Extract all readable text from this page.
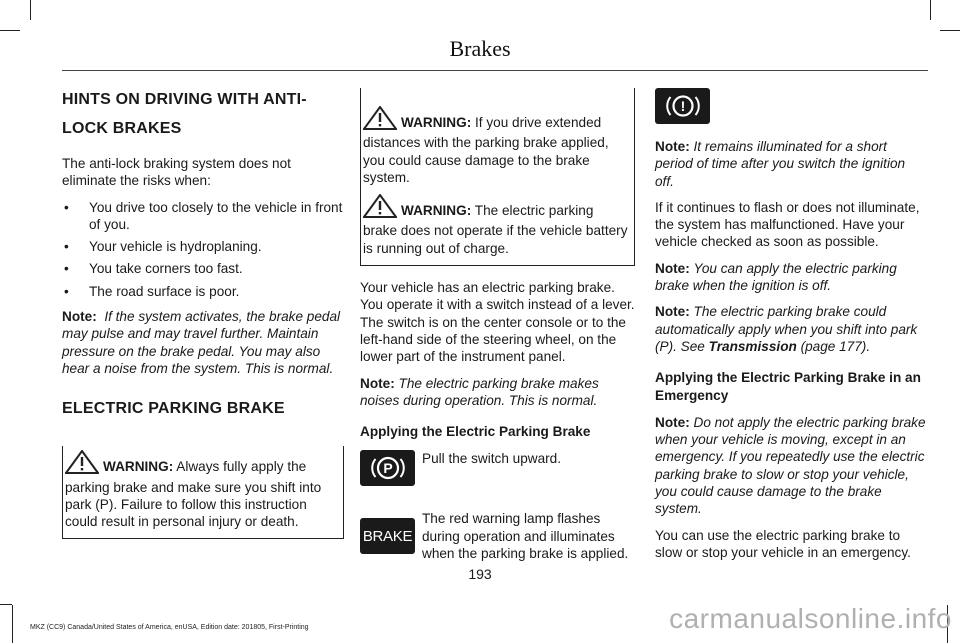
Brakes

HINTS ON DRIVING WITH ANTI-

LOCK BRAKES

The anti-lock braking system does not eliminate the risks when:

• You drive too closely to the vehicle in front of you.
• Your vehicle is hydroplaning.
• You take corners too fast.
• The road surface is poor.

Note: If the system activates, the brake pedal may pulse and may travel further. Maintain pressure on the brake pedal. You may also hear a noise from the system. This is normal.

ELECTRIC PARKING BRAKE

WARNING: Always fully apply the parking brake and make sure you shift into park (P). Failure to follow this instruction could result in personal injury or death.

WARNING: If you drive extended distances with the parking brake applied, you could cause damage to the brake system.

WARNING: The electric parking brake does not operate if the vehicle battery is running out of charge.

Your vehicle has an electric parking brake. You operate it with a switch instead of a lever. The switch is on the center console or to the left-hand side of the steering wheel, on the lower part of the instrument panel.

Note: The electric parking brake makes noises during operation. This is normal.

Applying the Electric Parking Brake

P
Pull the switch upward.
BRAKE
The red warning lamp flashes during operation and illuminates when the parking brake is applied.
!

Note: It remains illuminated for a short period of time after you switch the ignition off.

If it continues to flash or does not illuminate, the system has malfunctioned. Have your vehicle checked as soon as possible.

Note: You can apply the electric parking brake when the ignition is off.

Note: The electric parking brake could automatically apply when you shift into park (P). See Transmission (page 177).

Applying the Electric Parking Brake in an Emergency

Note: Do not apply the electric parking brake when your vehicle is moving, except in an emergency. If you repeatedly use the electric parking brake to slow or stop your vehicle, you could cause damage to the brake system.

You can use the electric parking brake to slow or stop your vehicle in an emergency.

193
MKZ (CC9) Canada/United States of America, enUSA, Edition date: 201805, First-Printing	carmanualsonline.info
